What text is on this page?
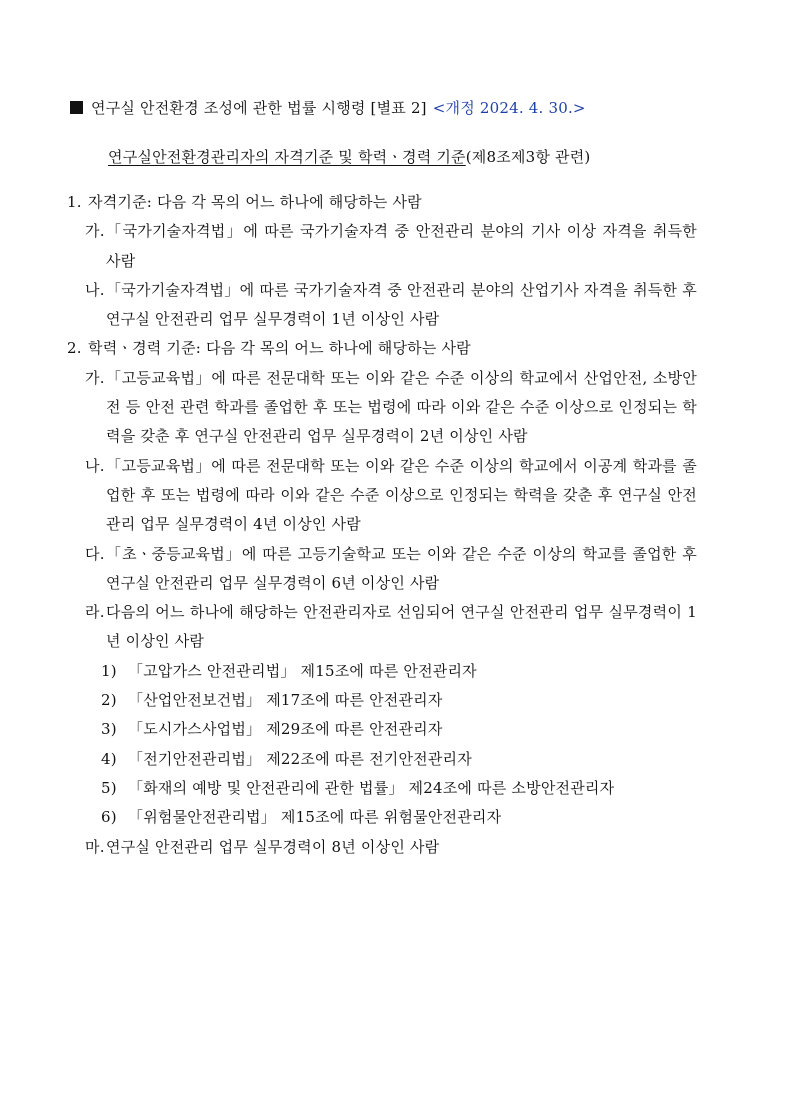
연구실 안전환경 조성에 관한 법률 시행령 [별표 2] <개정 2024. 4. 30.>
연구실안전환경관리자의 자격기준 및 학력ㆍ경력 기준(제8조제3항 관련)
1. 자격기준: 다음 각 목의 어느 하나에 해당하는 사람
가. 「국가기술자격법」에 따른 국가기술자격 중 안전관리 분야의 기사 이상 자격을 취득한 사람
나. 「국가기술자격법」에 따른 국가기술자격 중 안전관리 분야의 산업기사 자격을 취득한 후 연구실 안전관리 업무 실무경력이 1년 이상인 사람
2. 학력ㆍ경력 기준: 다음 각 목의 어느 하나에 해당하는 사람
가. 「고등교육법」에 따른 전문대학 또는 이와 같은 수준 이상의 학교에서 산업안전, 소방안전 등 안전 관련 학과를 졸업한 후 또는 법령에 따라 이와 같은 수준 이상으로 인정되는 학력을 갖춘 후 연구실 안전관리 업무 실무경력이 2년 이상인 사람
나. 「고등교육법」에 따른 전문대학 또는 이와 같은 수준 이상의 학교에서 이공계 학과를 졸업한 후 또는 법령에 따라 이와 같은 수준 이상으로 인정되는 학력을 갖춘 후 연구실 안전관리 업무 실무경력이 4년 이상인 사람
다. 「초ㆍ중등교육법」에 따른 고등기술학교 또는 이와 같은 수준 이상의 학교를 졸업한 후 연구실 안전관리 업무 실무경력이 6년 이상인 사람
라. 다음의 어느 하나에 해당하는 안전관리자로 선임되어 연구실 안전관리 업무 실무경력이 1년 이상인 사람
1) 「고압가스 안전관리법」 제15조에 따른 안전관리자
2) 「산업안전보건법」 제17조에 따른 안전관리자
3) 「도시가스사업법」 제29조에 따른 안전관리자
4) 「전기안전관리법」 제22조에 따른 전기안전관리자
5) 「화재의 예방 및 안전관리에 관한 법률」 제24조에 따른 소방안전관리자
6) 「위험물안전관리법」 제15조에 따른 위험물안전관리자
마. 연구실 안전관리 업무 실무경력이 8년 이상인 사람
